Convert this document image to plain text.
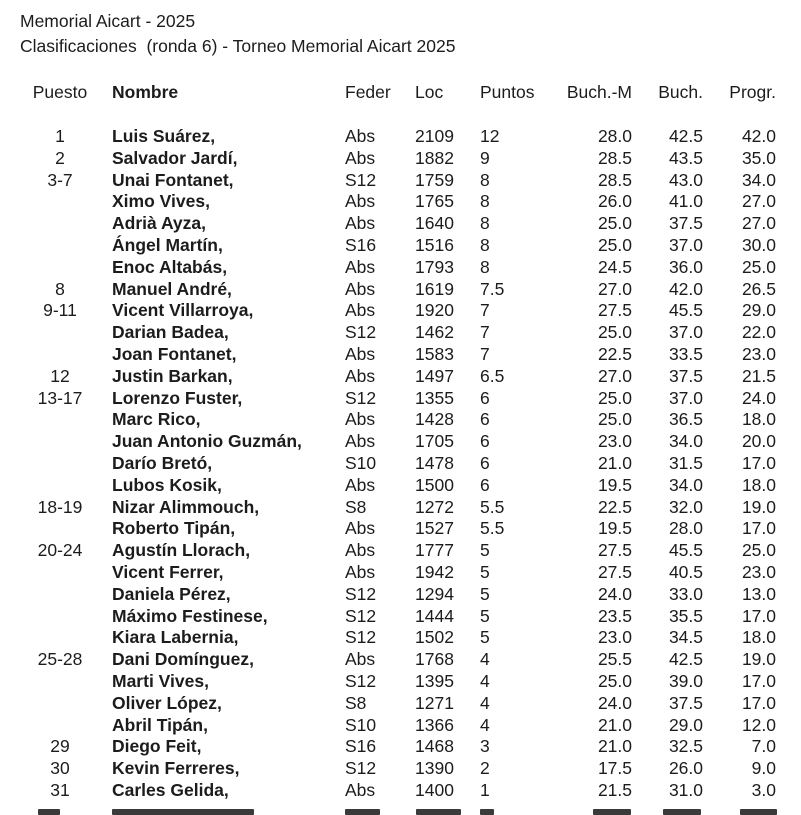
Memorial Aicart - 2025
Clasificaciones  (ronda 6) - Torneo Memorial Aicart 2025
Puesto	Nombre	Feder	Loc	Puntos	Buch.-M	Buch.	Progr.
1	Luis Suárez,	Abs	2109	12	28.0	42.5	42.0
2	Salvador Jardí,	Abs	1882	9	28.5	43.5	35.0
3-7	Unai Fontanet,	S12	1759	8	28.5	43.0	34.0
Ximo Vives,	Abs	1765	8	26.0	41.0	27.0
Adrià Ayza,	Abs	1640	8	25.0	37.5	27.0
Ángel Martín,	S16	1516	8	25.0	37.0	30.0
Enoc Altabás,	Abs	1793	8	24.5	36.0	25.0
8	Manuel André,	Abs	1619	7.5	27.0	42.0	26.5
9-11	Vicent Villarroya,	Abs	1920	7	27.5	45.5	29.0
Darian Badea,	S12	1462	7	25.0	37.0	22.0
Joan Fontanet,	Abs	1583	7	22.5	33.5	23.0
12	Justin Barkan,	Abs	1497	6.5	27.0	37.5	21.5
13-17	Lorenzo Fuster,	S12	1355	6	25.0	37.0	24.0
Marc Rico,	Abs	1428	6	25.0	36.5	18.0
Juan Antonio Guzmán,	Abs	1705	6	23.0	34.0	20.0
Darío Bretó,	S10	1478	6	21.0	31.5	17.0
Lubos Kosik,	Abs	1500	6	19.5	34.0	18.0
18-19	Nizar Alimmouch,	S8	1272	5.5	22.5	32.0	19.0
Roberto Tipán,	Abs	1527	5.5	19.5	28.0	17.0
20-24	Agustín Llorach,	Abs	1777	5	27.5	45.5	25.0
Vicent Ferrer,	Abs	1942	5	27.5	40.5	23.0
Daniela Pérez,	S12	1294	5	24.0	33.0	13.0
Máximo Festinese,	S12	1444	5	23.5	35.5	17.0
Kiara Labernia,	S12	1502	5	23.0	34.5	18.0
25-28	Dani Domínguez,	Abs	1768	4	25.5	42.5	19.0
Marti Vives,	S12	1395	4	25.0	39.0	17.0
Oliver López,	S8	1271	4	24.0	37.5	17.0
Abril Tipán,	S10	1366	4	21.0	29.0	12.0
29	Diego Feit,	S16	1468	3	21.0	32.5	7.0
30	Kevin Ferreres,	S12	1390	2	17.5	26.0	9.0
31	Carles Gelida,	Abs	1400	1	21.5	31.0	3.0
